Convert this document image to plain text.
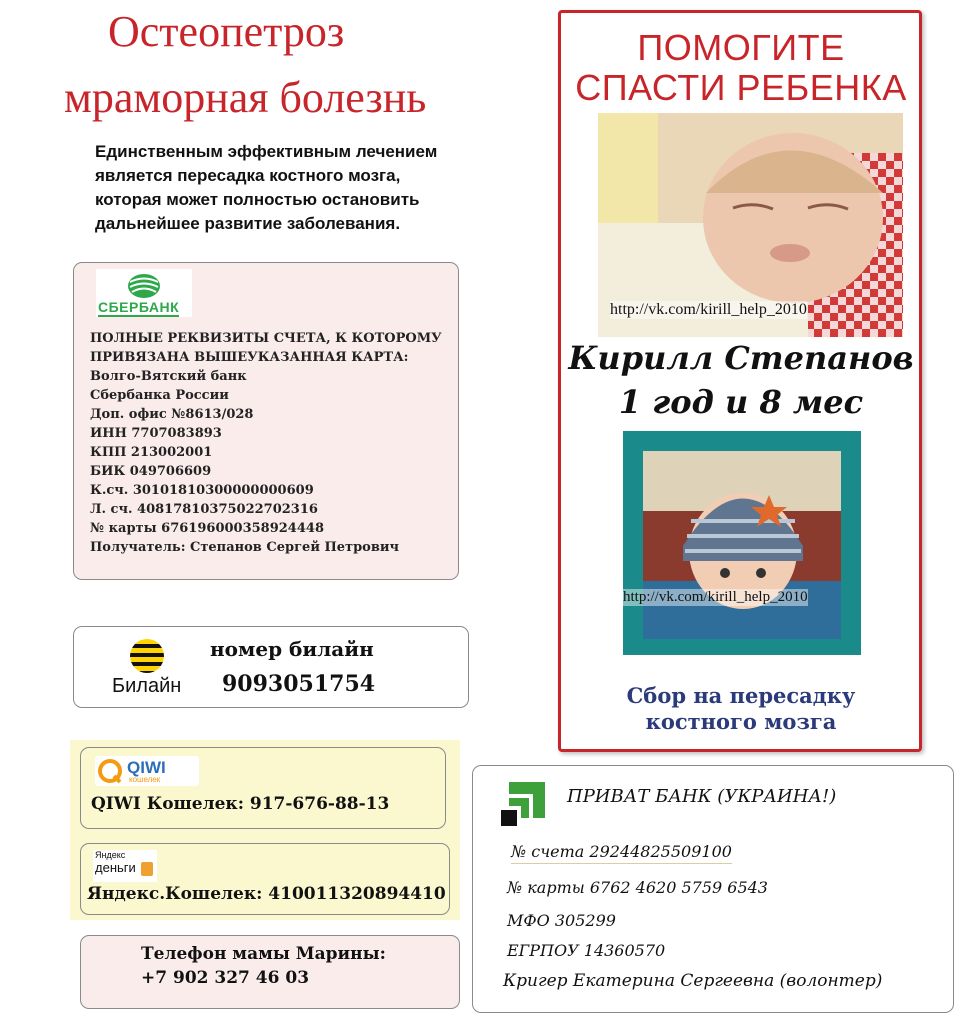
Остеопетроз
мраморная болезнь
Единственным эффективным лечением
является пересадка костного мозга,
которая может полностью остановить
дальнейшее развитие заболевания.
СБЕРБАНК
ПОЛНЫЕ РЕКВИЗИТЫ СЧЕТА, К КОТОРОМУ
ПРИВЯЗАНА ВЫШЕУКАЗАННАЯ КАРТА:
Волго-Вятский банк
Сбербанка России
Доп. офис №8613/028
ИНН 7707083893
КПП 213002001
БИК 049706609
К.сч. 30101810300000000609
Л. сч. 40817810375022702316
№ карты 676196000358924448
Получатель: Степанов Сергей Петрович
Билайн
номер билайн
9093051754
QIWI
кошелек
QIWI Кошелек: 917-676-88-13
Яндекс
деньги
Яндекс.Кошелек: 410011320894410
Телефон мамы Марины:
+7 902 327 46 03
ПОМОГИТЕ
СПАСТИ РЕБЕНКА
http://vk.com/kirill_help_2010
Кирилл Степанов
1 год и 8 мес
http://vk.com/kirill_help_2010
Сбор на пересадку
костного мозга
ПРИВАТ БАНК (УКРАИНА!)
№ счета 29244825509100
№ карты 6762 4620 5759 6543
МФО 305299
ЕГРПОУ 14360570
Кригер Екатерина Сергеевна (волонтер)
